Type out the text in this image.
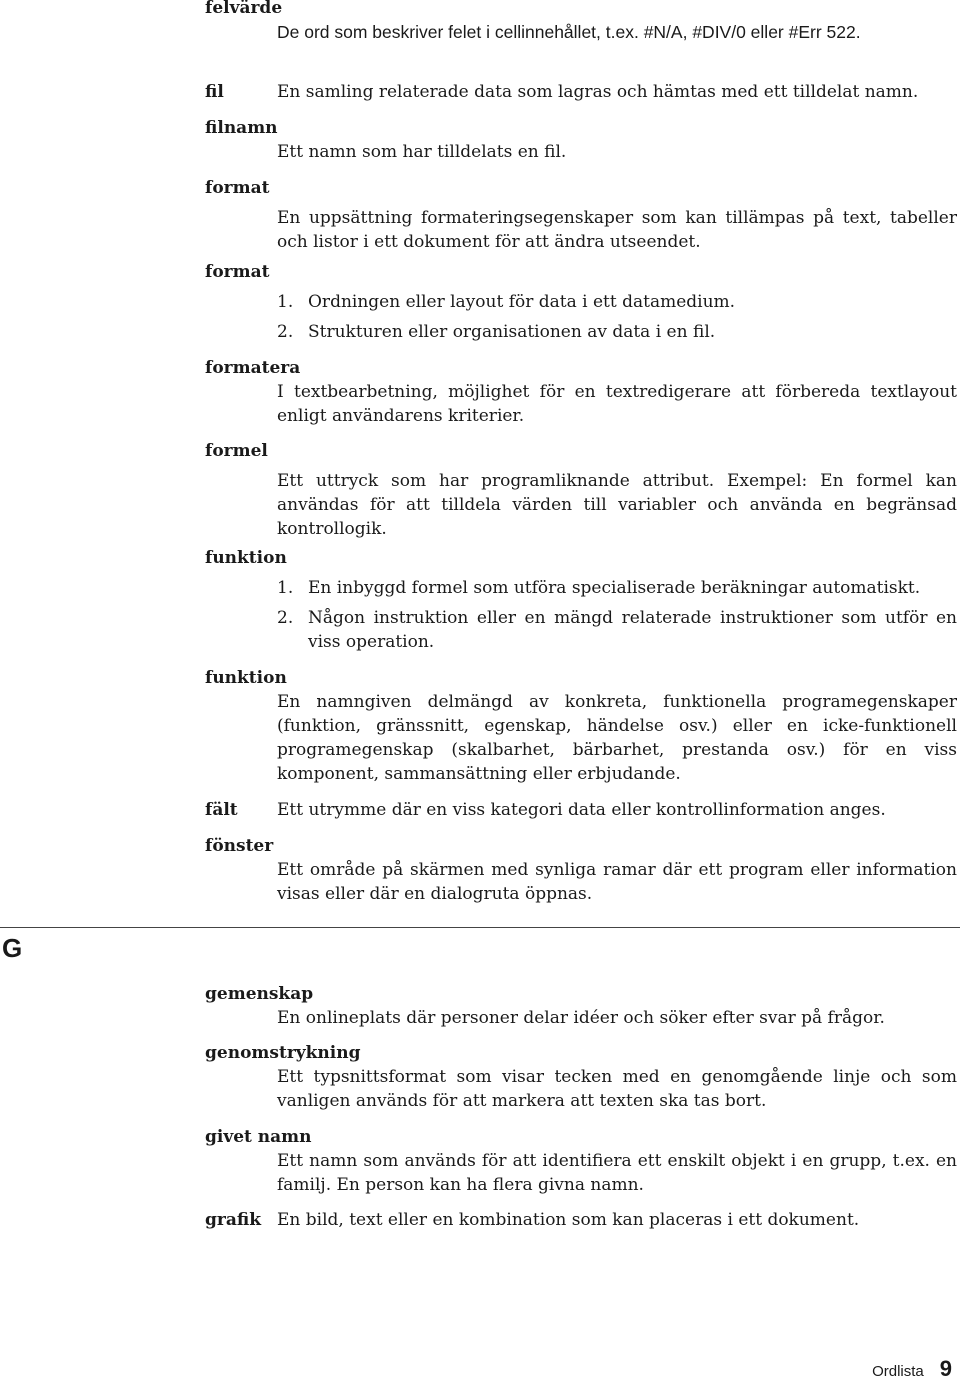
felvärde
De ord som beskriver felet i cellinnehållet, t.ex. #N/A, #DIV/0 eller #Err 522.
fil	En samling relaterade data som lagras och hämtas med ett tilldelat namn.
filnamn
Ett namn som har tilldelats en fil.
format
En uppsättning formateringsegenskaper som kan tillämpas på text, tabeller och listor i ett dokument för att ändra utseendet.
format
1. Ordningen eller layout för data i ett datamedium.
2. Strukturen eller organisationen av data i en fil.
formatera
I textbearbetning, möjlighet för en textredigerare att förbereda textlayout enligt användarens kriterier.
formel
Ett uttryck som har programliknande attribut. Exempel: En formel kan användas för att tilldela värden till variabler och använda en begränsad kontrollogik.
funktion
1. En inbyggd formel som utföra specialiserade beräkningar automatiskt.
2. Någon instruktion eller en mängd relaterade instruktioner som utför en viss operation.
funktion
En namngiven delmängd av konkreta, funktionella programegenskaper (funktion, gränssnitt, egenskap, händelse osv.) eller en icke-funktionell programegenskap (skalbarhet, bärbarhet, prestanda osv.) för en viss komponent, sammansättning eller erbjudande.
fält	Ett utrymme där en viss kategori data eller kontrollinformation anges.
fönster
Ett område på skärmen med synliga ramar där ett program eller information visas eller där en dialogruta öppnas.
G
gemenskap
En onlineplats där personer delar idéer och söker efter svar på frågor.
genomstrykning
Ett typsnittsformat som visar tecken med en genomgående linje och som vanligen används för att markera att texten ska tas bort.
givet namn
Ett namn som används för att identifiera ett enskilt objekt i en grupp, t.ex. en familj. En person kan ha flera givna namn.
grafik En bild, text eller en kombination som kan placeras i ett dokument.
Ordlista 9
